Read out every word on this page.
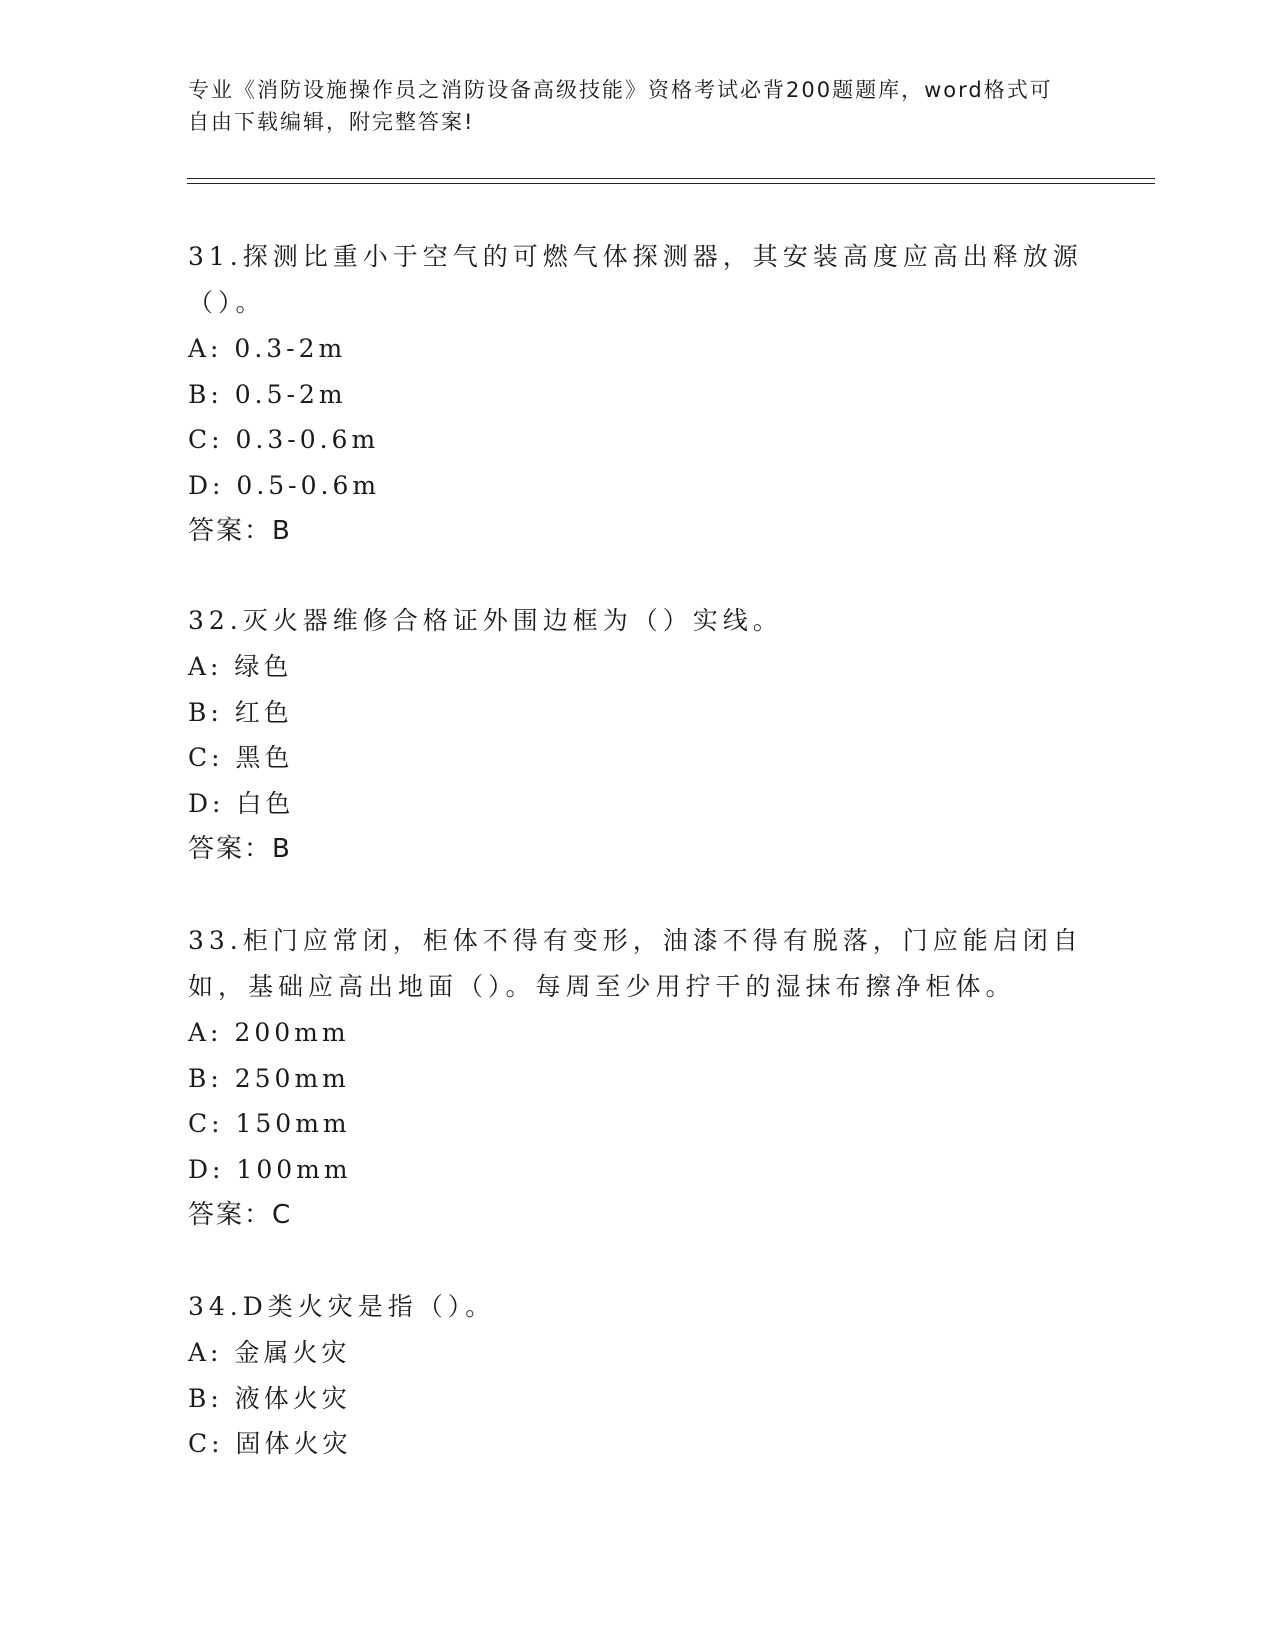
专业《消防设施操作员之消防设备高级技能》资格考试必背200题题库，word格式可自由下载编辑，附完整答案!

31.探测比重小于空气的可燃气体探测器，其安装高度应高出释放源（）。

A: 0.3-2m

B: 0.5-2m

C: 0.3-0.6m

D: 0.5-0.6m

答案：B

32.灭火器维修合格证外围边框为（）实线。

A: 绿色

B: 红色

C: 黑色

D: 白色

答案：B

33.柜门应常闭，柜体不得有变形，油漆不得有脱落，门应能启闭自如，基础应高出地面（）。每周至少用拧干的湿抹布擦净柜体。

A: 200mm

B: 250mm

C: 150mm

D: 100mm

答案：C

34.D类火灾是指（）。

A: 金属火灾

B: 液体火灾

C: 固体火灾
